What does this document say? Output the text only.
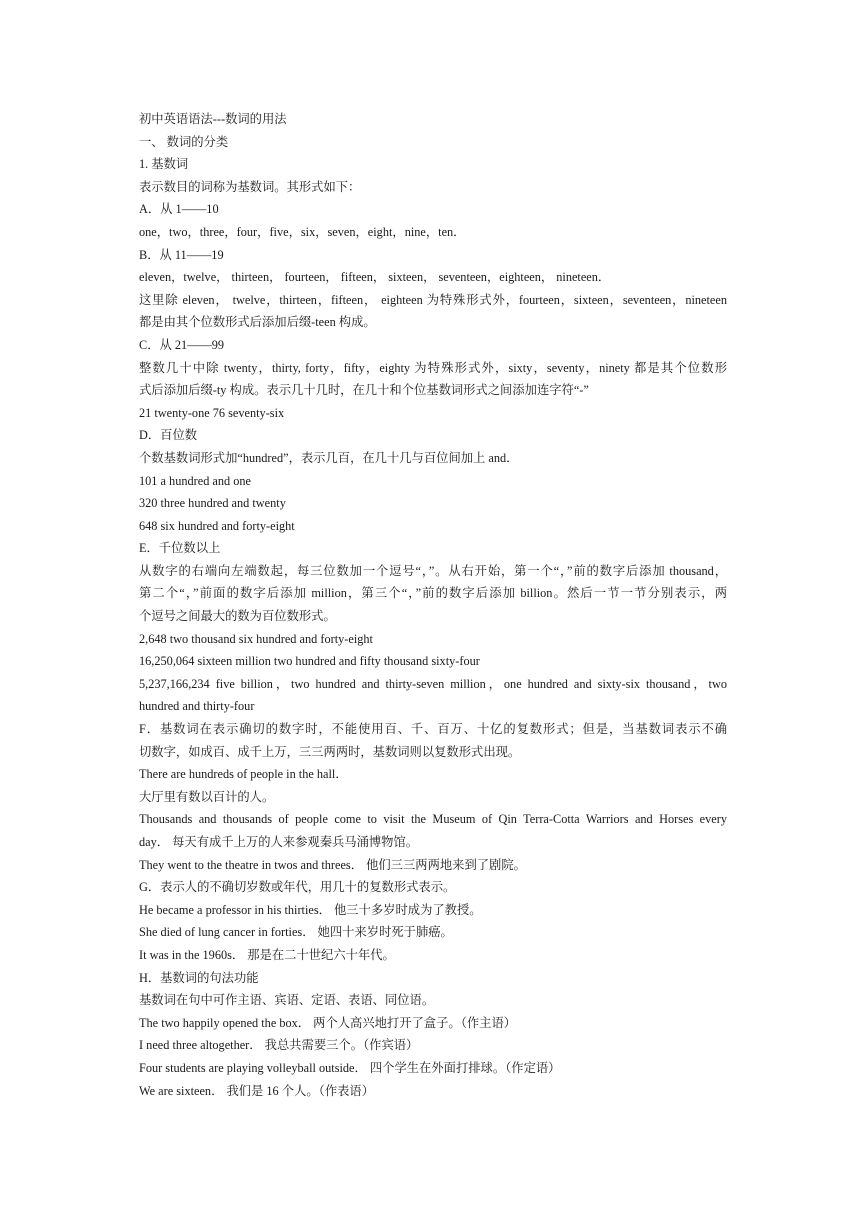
初中英语语法---数词的用法
一、 数词的分类
1. 基数词
表示数目的词称为基数词。其形式如下：
A．从 1——10
one，two，three，four，five，six，seven，eight，nine，ten．
B．从 11——19
eleven，twelve， thirteen， fourteen， fifteen， sixteen， seventeen，eighteen， nineteen．
这里除 eleven， twelve，thirteen，fifteen， eighteen 为特殊形式外，fourteen，sixteen，seventeen，nineteen
都是由其个位数形式后添加后缀-teen 构成。
C．从 21——99
整数几十中除 twenty，thirty, forty，fifty，eighty 为特殊形式外，sixty，seventy，ninety 都是其个位数形
式后添加后缀-ty 构成。表示几十几时，在几十和个位基数词形式之间添加连字符“-”
21 twenty-one 76 seventy-six
D．百位数
个数基数词形式加“hundred”，表示几百，在几十几与百位间加上 and．
101 a hundred and one
320 three hundred and twenty
648 six hundred and forty-eight
E．千位数以上
从数字的右端向左端数起，每三位数加一个逗号“，”。从右开始，第一个“，”前的数字后添加 thousand，
第二个“，”前面的数字后添加 million，第三个“，”前的数字后添加 billion。然后一节一节分别表示，两
个逗号之间最大的数为百位数形式。
2,648 two thousand six hundred and forty-eight
16,250,064 sixteen million two hundred and fifty thousand sixty-four
5,237,166,234 five billion，two hundred and thirty-seven million，one hundred and sixty-six thousand，two
hundred and thirty-four
F．基数词在表示确切的数字时，不能使用百、千、百万、十亿的复数形式；但是，当基数词表示不确
切数字，如成百、成千上万，三三两两时，基数词则以复数形式出现。
There are hundreds of people in the hall．
大厅里有数以百计的人。
Thousands and thousands of people come to visit the Museum of Qin Terra-Cotta Warriors and Horses every
day． 每天有成千上万的人来参观秦兵马涌博物馆。
They went to the theatre in twos and threes． 他们三三两两地来到了剧院。
G．表示人的不确切岁数或年代，用几十的复数形式表示。
He became a professor in his thirties． 他三十多岁时成为了教授。
She died of lung cancer in forties． 她四十来岁时死于肺癌。
It was in the 1960s． 那是在二十世纪六十年代。
H．基数词的句法功能
基数词在句中可作主语、宾语、定语、表语、同位语。
The two happily opened the box． 两个人高兴地打开了盒子。（作主语）
I need three altogether． 我总共需要三个。（作宾语）
Four students are playing volleyball outside． 四个学生在外面打排球。（作定语）
We are sixteen． 我们是 16 个人。（作表语）
